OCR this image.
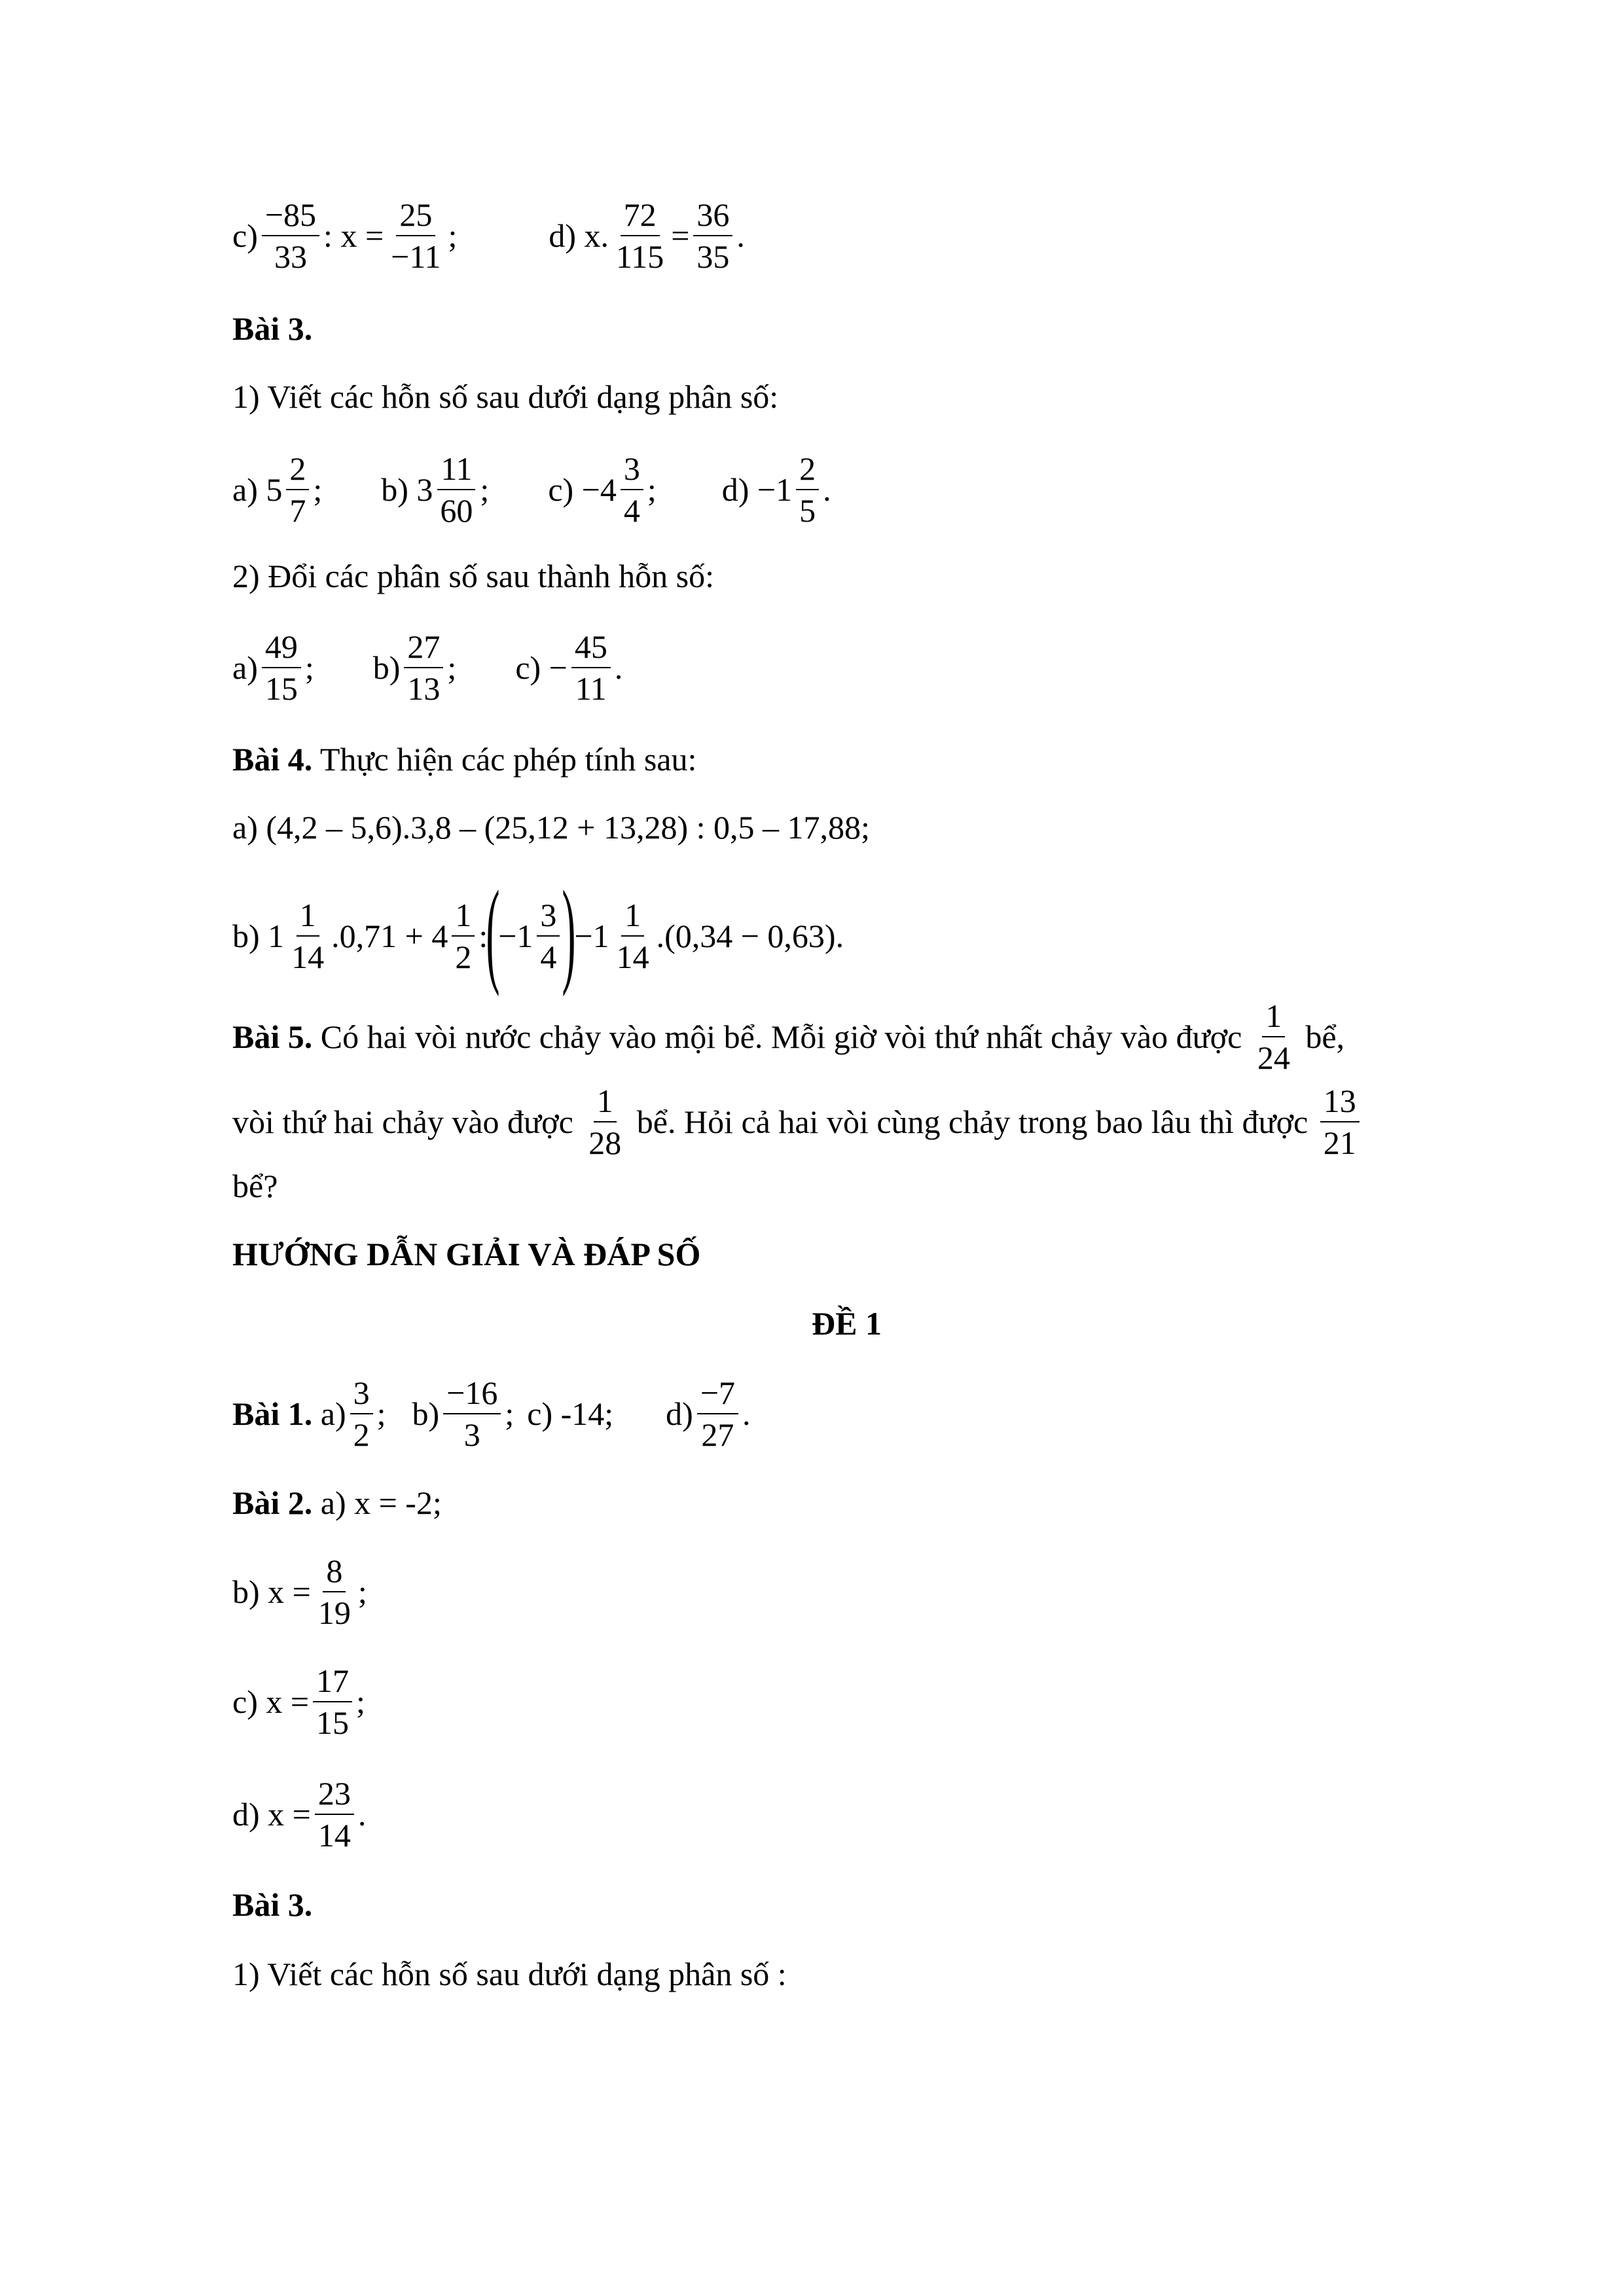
$c) \frac{-85}{33}$ : $x = \frac{25}{-11}$ ;	d) x. $\frac{72}{115} = \frac{36}{35}$ .
Bài 3.
1) Viết các hỗn số sau dưới dạng phân số:
a) $5 \frac{2}{7}$ ; b) $3 \frac{11}{60}$ ; $c) -4 \frac{3}{4}$ ; $d) -1 \frac{2}{5}$ .
2) Đổi các phân số sau thành hỗn số:
$a) \frac{49}{15}$ ; $b) \frac{27}{13}$ ; $c) - \frac{45}{11}$ .
Bài 4. Thực hiện các phép tính sau:
a) (4,2 – 5,6).3,8 – (25,12 + 13,28) : 0,5 – 17,88;
b) $1 \frac{1}{14} .0,71 + 4 \frac{1}{2}$ :
(
$-1 \frac{3}{4}$ )
$-1 \frac{1}{14} .(0,34 - 0,63)$.
Bài 5. Có hai vòi nước chảy vào mội bể. Mỗi giờ vòi thứ nhất chảy vào được $\frac{1}{24}$ bể,
vòi thứ hai chảy vào được $\frac{1}{28}$ bể. Hỏi cả hai vòi cùng chảy trong bao lâu thì được $\frac{13}{21}$
bể?
HƯỚNG DẪN GIẢI VÀ ĐÁP SỐ
ĐỀ 1
Bài 1. $a) \frac{3}{2}$ ; $b) \frac{-16}{3}$ ; c) -14; $d) \frac{-7}{27}$ .
Bài 2. a) x = -2;
b) $x = \frac{8}{19}$ ;
c) $x = \frac{17}{15}$ ;
d) $x = \frac{23}{14}$ .
Bài 3.
1) Viết các hỗn số sau dưới dạng phân số :
